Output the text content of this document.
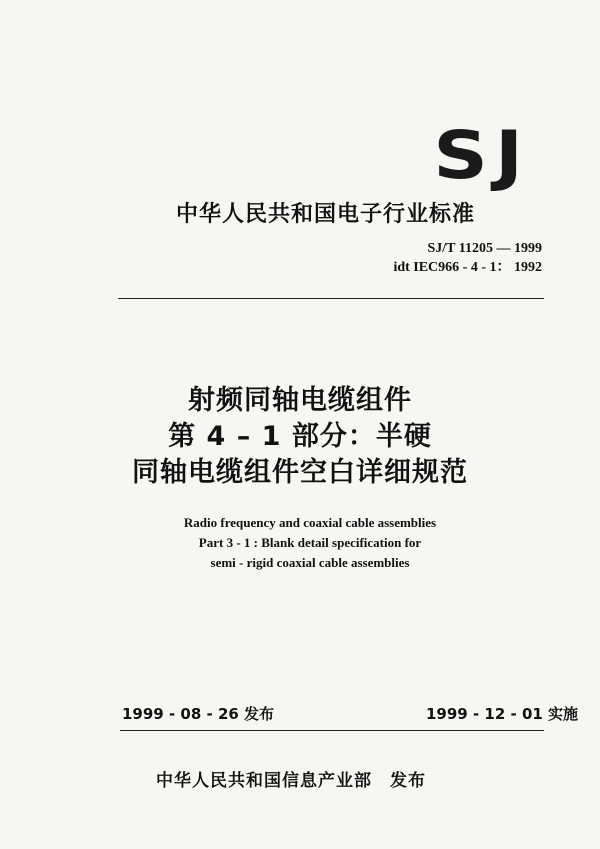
SJ
中华人民共和国电子行业标准
SJ/T 11205 — 1999
idt IEC966 - 4 - 1： 1992
射频同轴电缆组件
第 4 – 1 部分：半硬
同轴电缆组件空白详细规范
Radio frequency and coaxial cable assemblies
Part 3 - 1 : Blank detail specification for
semi - rigid coaxial cable assemblies
1999 - 08 - 26 发布	1999 - 12 - 01 实施
中华人民共和国信息产业部 发布
